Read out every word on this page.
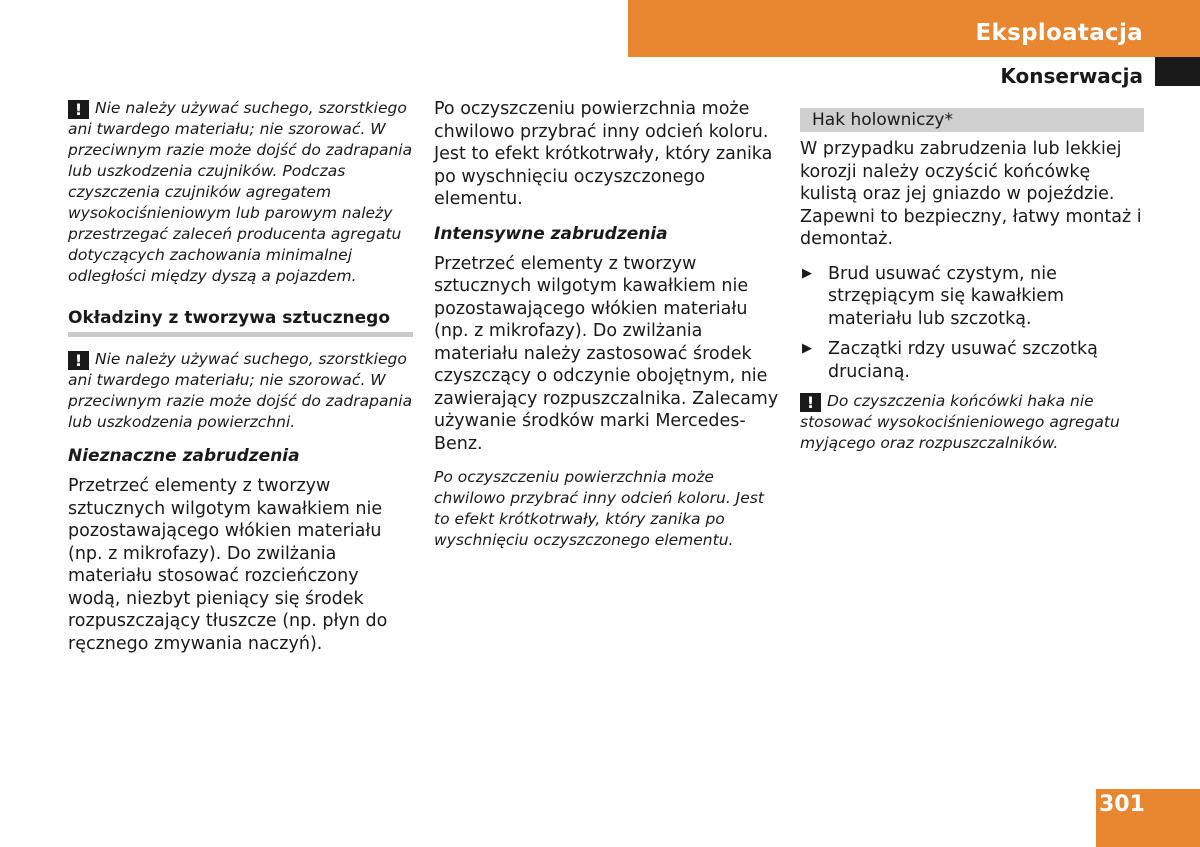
Eksploatacja
Konserwacja

! Nie należy używać suchego, szorstkiego ani twardego materiału; nie szorować. W przeciwnym razie może dojść do zadrapania lub uszkodzenia czujników. Podczas czyszczenia czujników agregatem wysokociśnieniowym lub parowym należy przestrzegać zaleceń producenta agregatu dotyczących zachowania minimalnej odległości między dyszą a pojazdem.

Okładziny z tworzywa sztucznego

! Nie należy używać suchego, szorstkiego ani twardego materiału; nie szorować. W przeciwnym razie może dojść do zadrapania lub uszkodzenia powierzchni.

Nieznaczne zabrudzenia

Przetrzeć elementy z tworzyw sztucznych wilgotym kawałkiem nie pozostawającego włókien materiału (np. z mikrofazy). Do zwilżania materiału stosować rozcieńczony wodą, niezbyt pieniący się środek rozpuszczający tłuszcze (np. płyn do ręcznego zmywania naczyń).

Po oczyszczeniu powierzchnia może chwilowo przybrać inny odcień koloru. Jest to efekt krótkotrwały, który zanika po wyschnięciu oczyszczonego elementu.

Intensywne zabrudzenia

Przetrzeć elementy z tworzyw sztucznych wilgotym kawałkiem nie pozostawającego włókien materiału (np. z mikrofazy). Do zwilżania materiału należy zastosować środek czyszczący o odczynie obojętnym, nie zawierający rozpuszczalnika. Zalecamy używanie środków marki Mercedes-Benz.

Po oczyszczeniu powierzchnia może chwilowo przybrać inny odcień koloru. Jest to efekt krótkotrwały, który zanika po wyschnięciu oczyszczonego elementu.

Hak holowniczy*

W przypadku zabrudzenia lub lekkiej korozji należy oczyścić końcówkę kulistą oraz jej gniazdo w pojeździe. Zapewni to bezpieczny, łatwy montaż i demontaż.

▶ Brud usuwać czystym, nie strzępiącym się kawałkiem materiału lub szczotką.
▶ Zaczątki rdzy usuwać szczotką drucianą.

! Do czyszczenia końcówki haka nie stosować wysokociśnieniowego agregatu myjącego oraz rozpuszczalników.

301
